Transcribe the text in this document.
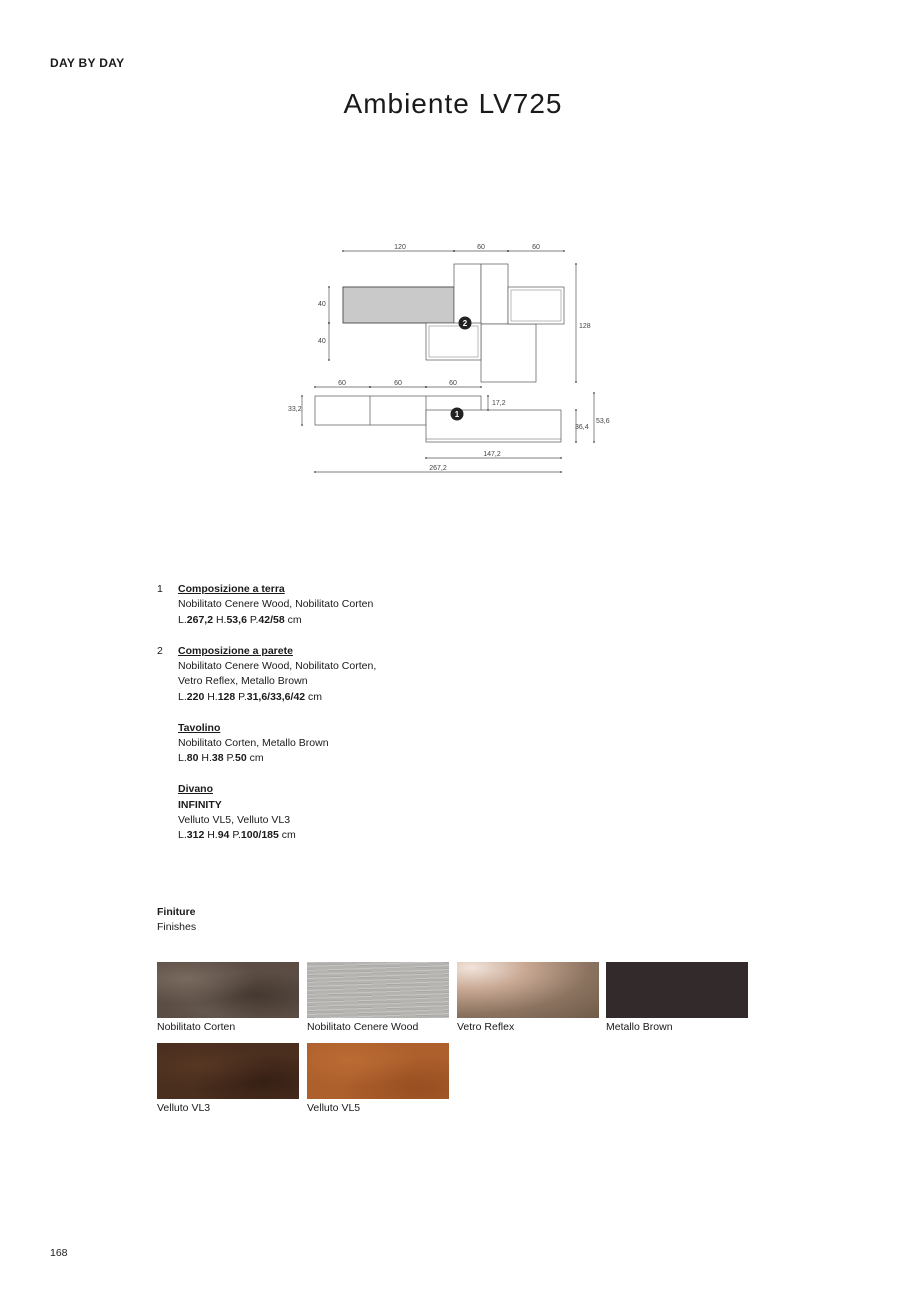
DAY BY DAY
Ambiente LV725
120	60	60
40
40
128
60	60	60
33,2
17,2
36,4
53,6
147,2
267,2
2
1
1 Composizione a terra
Nobilitato Cenere Wood, Nobilitato Corten
L.267,2 H.53,6 P.42/58 cm
2 Composizione a parete
Nobilitato Cenere Wood, Nobilitato Corten,
Vetro Reflex, Metallo Brown
L.220 H.128 P.31,6/33,6/42 cm
Tavolino
Nobilitato Corten, Metallo Brown
L.80 H.38 P.50 cm
Divano
INFINITY
Velluto VL5, Velluto VL3
L.312 H.94 P.100/185 cm
Finiture
Finishes
Nobilitato Corten	Nobilitato Cenere Wood	Vetro Reflex	Metallo Brown
Velluto VL3	Velluto VL5
168
